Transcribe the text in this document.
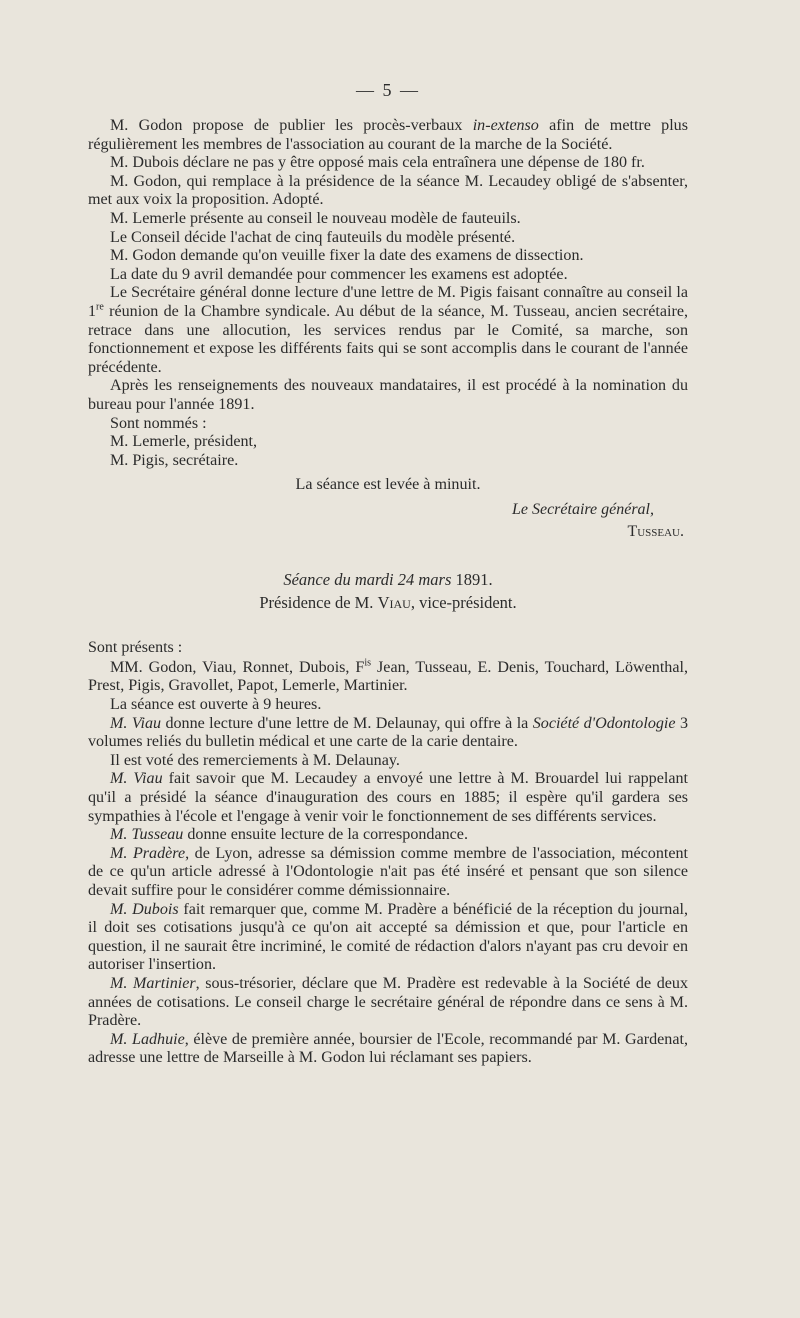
— 5 —

M. Godon propose de publier les procès-verbaux in-extenso afin de mettre plus régulièrement les membres de l'association au courant de la marche de la Société.

M. Dubois déclare ne pas y être opposé mais cela entraînera une dépense de 180 fr.

M. Godon, qui remplace à la présidence de la séance M. Lecaudey obligé de s'absenter, met aux voix la proposition. Adopté.

M. Lemerle présente au conseil le nouveau modèle de fauteuils.

Le Conseil décide l'achat de cinq fauteuils du modèle présenté.

M. Godon demande qu'on veuille fixer la date des examens de dissection.

La date du 9 avril demandée pour commencer les examens est adoptée.

Le Secrétaire général donne lecture d'une lettre de M. Pigis faisant connaître au conseil la 1re réunion de la Chambre syndicale. Au début de la séance, M. Tusseau, ancien secrétaire, retrace dans une allocution, les services rendus par le Comité, sa marche, son fonctionnement et expose les différents faits qui se sont accomplis dans le courant de l'année précédente.

Après les renseignements des nouveaux mandataires, il est procédé à la nomination du bureau pour l'année 1891.

Sont nommés :

M. Lemerle, président,

M. Pigis, secrétaire.

La séance est levée à minuit.

Le Secrétaire général,
Tusseau.
Séance du mardi 24 mars 1891.
Présidence de M. Viau, vice-président.
Sont présents :

MM. Godon, Viau, Ronnet, Dubois, $F^{is}$ Jean, Tusseau, E. Denis, Touchard, Löwenthal, Prest, Pigis, Gravollet, Papot, Lemerle, Martinier.

La séance est ouverte à 9 heures.

M. Viau donne lecture d'une lettre de M. Delaunay, qui offre à la Société d'Odontologie 3 volumes reliés du bulletin médical et une carte de la carie dentaire.

Il est voté des remerciements à M. Delaunay.

M. Viau fait savoir que M. Lecaudey a envoyé une lettre à M. Brouardel lui rappelant qu'il a présidé la séance d'inauguration des cours en 1885; il espère qu'il gardera ses sympathies à l'école et l'engage à venir voir le fonctionnement de ses différents services.

M. Tusseau donne ensuite lecture de la correspondance.

M. Pradère, de Lyon, adresse sa démission comme membre de l'association, mécontent de ce qu'un article adressé à l'Odontologie n'ait pas été inséré et pensant que son silence devait suffire pour le considérer comme démissionnaire.

M. Dubois fait remarquer que, comme M. Pradère a bénéficié de la réception du journal, il doit ses cotisations jusqu'à ce qu'on ait accepté sa démission et que, pour l'article en question, il ne saurait être incriminé, le comité de rédaction d'alors n'ayant pas cru devoir en autoriser l'insertion.

M. Martinier, sous-trésorier, déclare que M. Pradère est redevable à la Société de deux années de cotisations. Le conseil charge le secrétaire général de répondre dans ce sens à M. Pradère.

M. Ladhuie, élève de première année, boursier de l'Ecole, recommandé par M. Gardenat, adresse une lettre de Marseille à M. Godon lui réclamant ses papiers.
